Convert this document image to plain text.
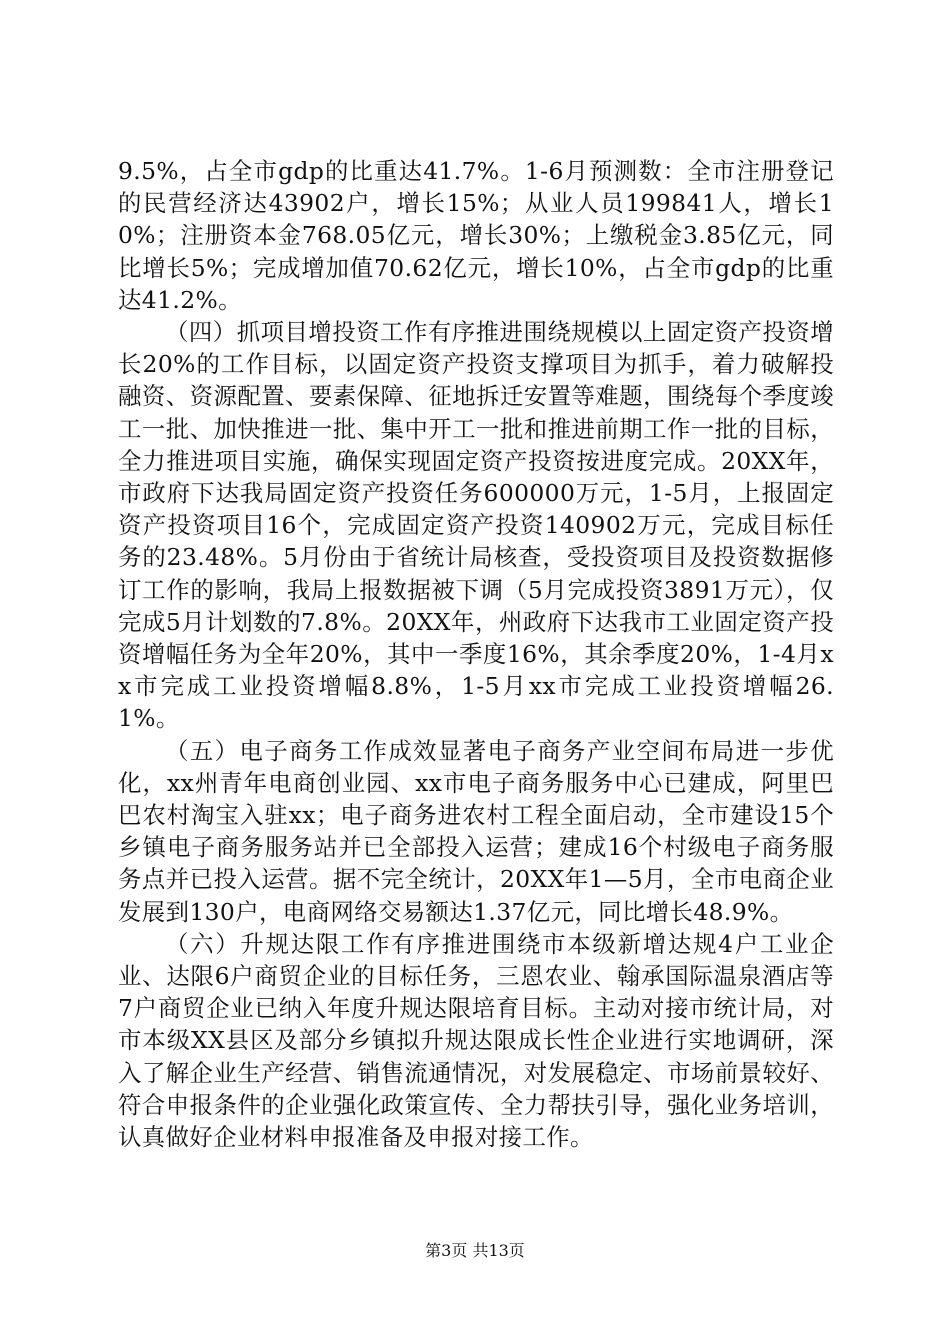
9.5%，占全市gdp的比重达41.7%。1-6月预测数：全市注册登记的民营经济达43902户，增长15%；从业人员199841人，增长10%；注册资本金768.05亿元，增长30%；上缴税金3.85亿元，同比增长5%；完成增加值70.62亿元，增长10%，占全市gdp的比重达41.2%。

（四）抓项目增投资工作有序推进围绕规模以上固定资产投资增长20%的工作目标，以固定资产投资支撑项目为抓手，着力破解投融资、资源配置、要素保障、征地拆迁安置等难题，围绕每个季度竣工一批、加快推进一批、集中开工一批和推进前期工作一批的目标，全力推进项目实施，确保实现固定资产投资按进度完成。20XX年，市政府下达我局固定资产投资任务600000万元，1-5月，上报固定资产投资项目16个，完成固定资产投资140902万元，完成目标任务的23.48%。5月份由于省统计局核查，受投资项目及投资数据修订工作的影响，我局上报数据被下调（5月完成投资3891万元），仅完成5月计划数的7.8%。20XX年，州政府下达我市工业固定资产投资增幅任务为全年20%，其中一季度16%，其余季度20%，1-4月xx市完成工业投资增幅8.8%，1-5月xx市完成工业投资增幅26.1%。

（五）电子商务工作成效显著电子商务产业空间布局进一步优化，xx州青年电商创业园、xx市电子商务服务中心已建成，阿里巴巴农村淘宝入驻xx；电子商务进农村工程全面启动，全市建设15个乡镇电子商务服务站并已全部投入运营；建成16个村级电子商务服务点并已投入运营。据不完全统计，20XX年1—5月，全市电商企业发展到130户，电商网络交易额达1.37亿元，同比增长48.9%。

（六）升规达限工作有序推进围绕市本级新增达规4户工业企业、达限6户商贸企业的目标任务，三恩农业、翰承国际温泉酒店等7户商贸企业已纳入年度升规达限培育目标。主动对接市统计局，对市本级XX县区及部分乡镇拟升规达限成长性企业进行实地调研，深入了解企业生产经营、销售流通情况，对发展稳定、市场前景较好、符合申报条件的企业强化政策宣传、全力帮扶引导，强化业务培训，认真做好企业材料申报准备及申报对接工作。

第3页 共13页
